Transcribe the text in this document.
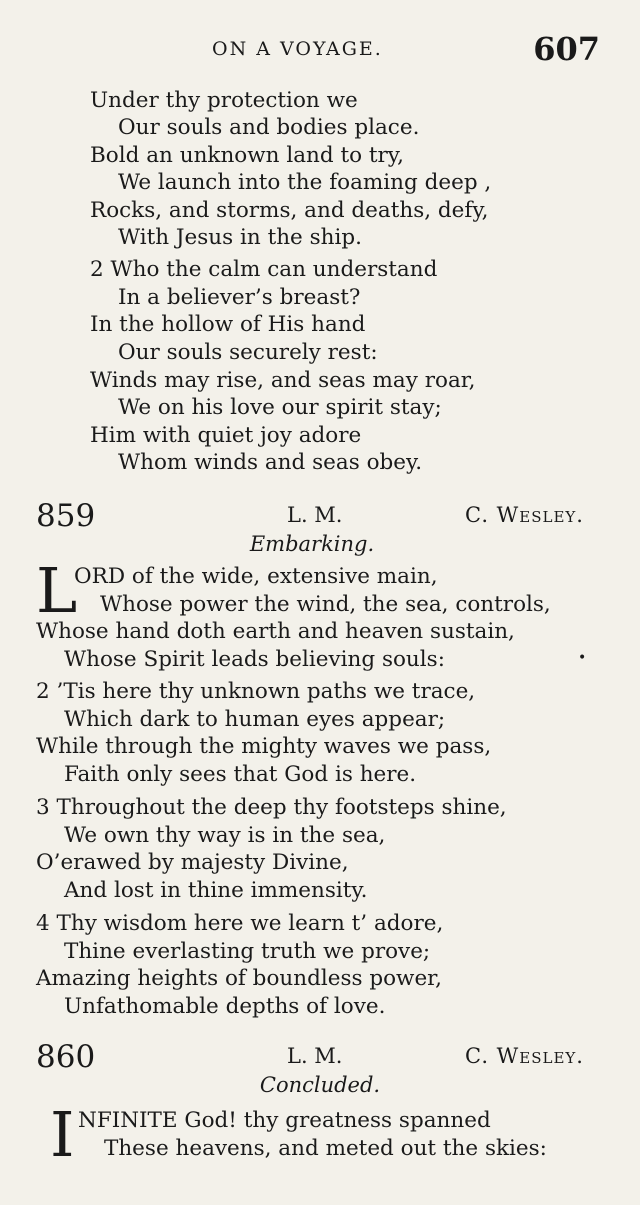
ON A VOYAGE.	607
Under thy protection we
Our souls and bodies place.
Bold an unknown land to try,
We launch into the foaming deep ,
Rocks, and storms, and deaths, defy,
With Jesus in the ship.
2 Who the calm can understand
In a believer’s breast?
In the hollow of His hand
Our souls securely rest:
Winds may rise, and seas may roar,
We on his love our spirit stay;
Him with quiet joy adore
Whom winds and seas obey.
859	L. M.	C. Wesley.
Embarking.
L
ORD of the wide, extensive main,
Whose power the wind, the sea, controls,
Whose hand doth earth and heaven sustain,
Whose Spirit leads believing souls:	•
2 ’Tis here thy unknown paths we trace,
Which dark to human eyes appear;
While through the mighty waves we pass,
Faith only sees that God is here.
3 Throughout the deep thy footsteps shine,
We own thy way is in the sea,
O’erawed by majesty Divine,
And lost in thine immensity.
4 Thy wisdom here we learn t’ adore,
Thine everlasting truth we prove;
Amazing heights of boundless power,
Unfathomable depths of love.
860	L. M.	C. Wesley.
Concluded.
I NFINITE God! thy greatness spanned
These heavens, and meted out the skies:
